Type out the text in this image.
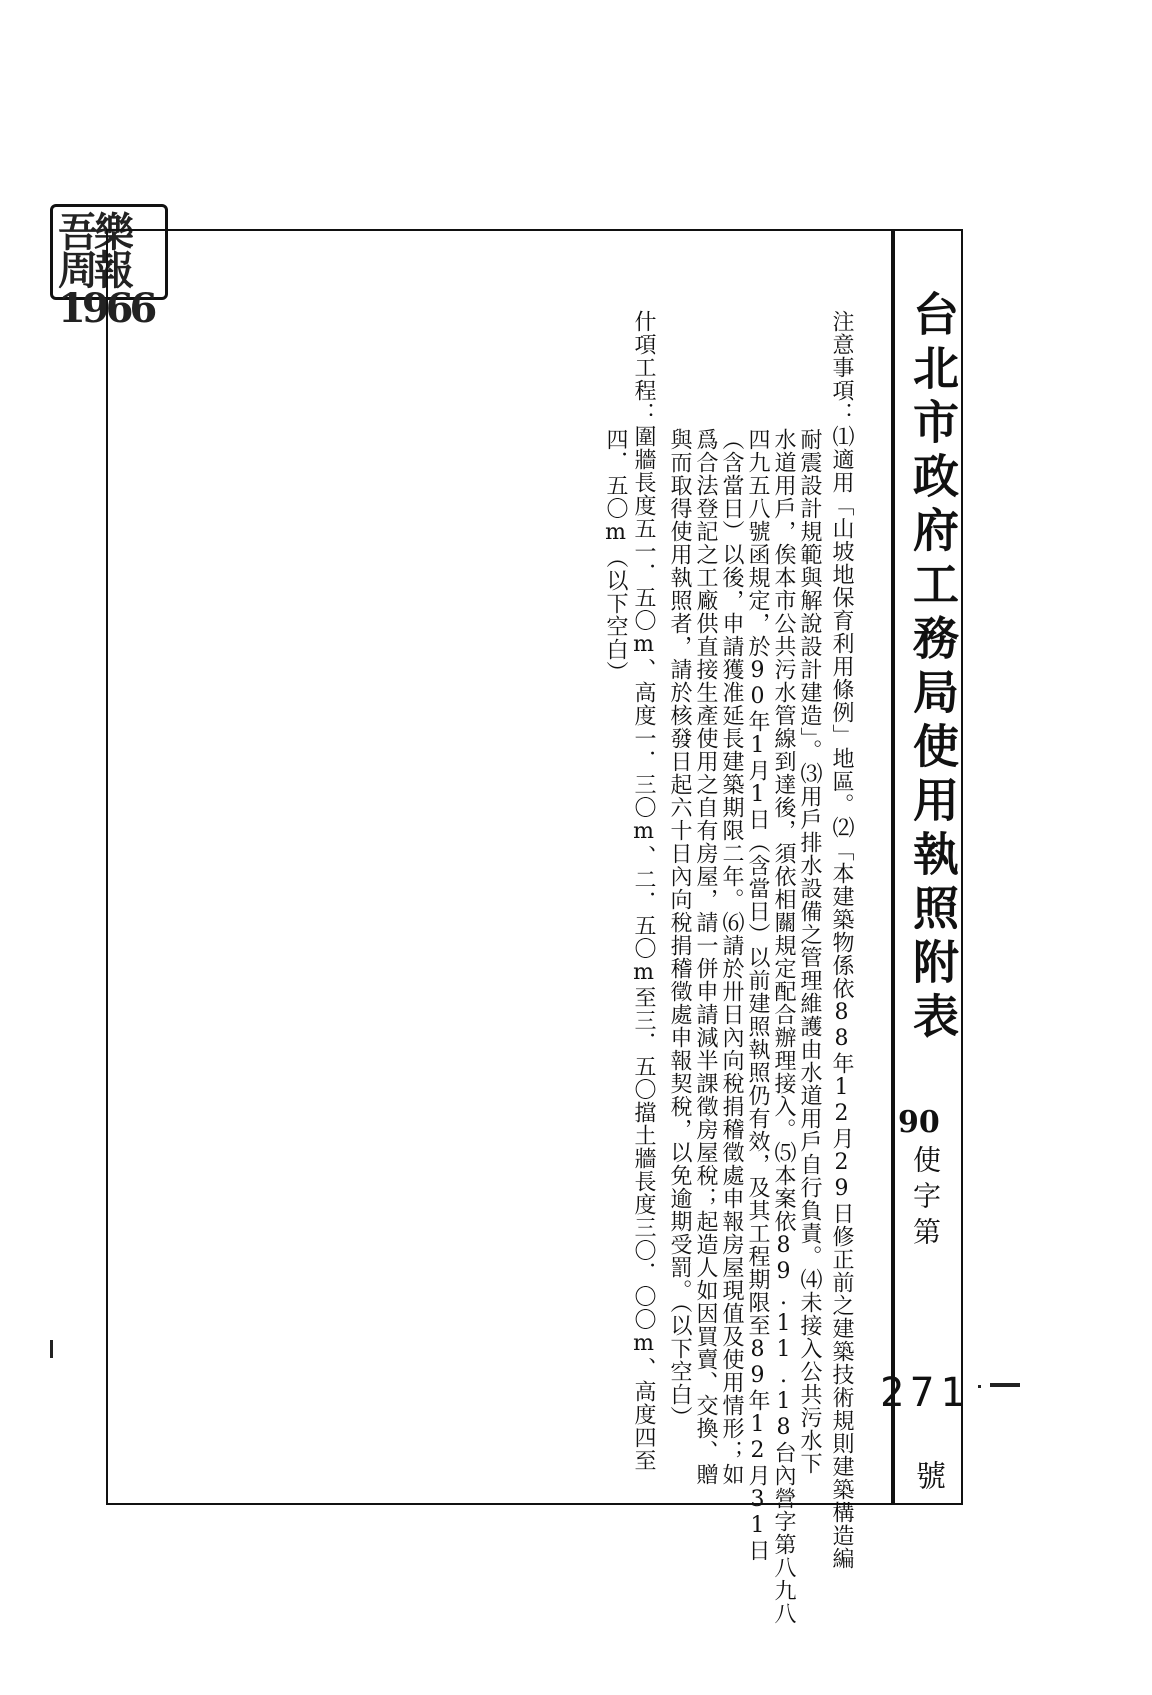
吾樂周報1966	台北市政府工務局使用執照附表
90
使字第
271
號
注意事項：⑴適用「山坡地保育利用條例」地區。⑵「本建築物係依88年12月29日修正前之建築技術規則建築構造編
耐震設計規範與解說設計建造」。⑶用戶排水設備之管理維護由水道用戶自行負責。⑷未接入公共污水下
水道用戶，俟本市公共污水管線到達後，須依相關規定配合辦理接入。⑸本案依89.11.18台內營字第八九八
四九五八號函規定，於90年1月1日（含當日）以前建照執照仍有效，及其工程期限至89年12月31日
（含當日）以後，申請獲准延長建築期限二年。⑹請於卅日內向稅捐稽徵處申報房屋現值及使用情形；如
爲合法登記之工廠供直接生產使用之自有房屋，請一併申請減半課徵房屋稅；起造人如因買賣、交換、贈
與而取得使用執照者，請於核發日起六十日內向稅捐稽徵處申報契稅，以免逾期受罰。（以下空白）
什項工程：圍牆長度五一．五〇m、高度一．三〇m、二．五〇m至三．五〇擋土牆長度三〇．〇〇m、高度四至
四．五〇m（以下空白）
